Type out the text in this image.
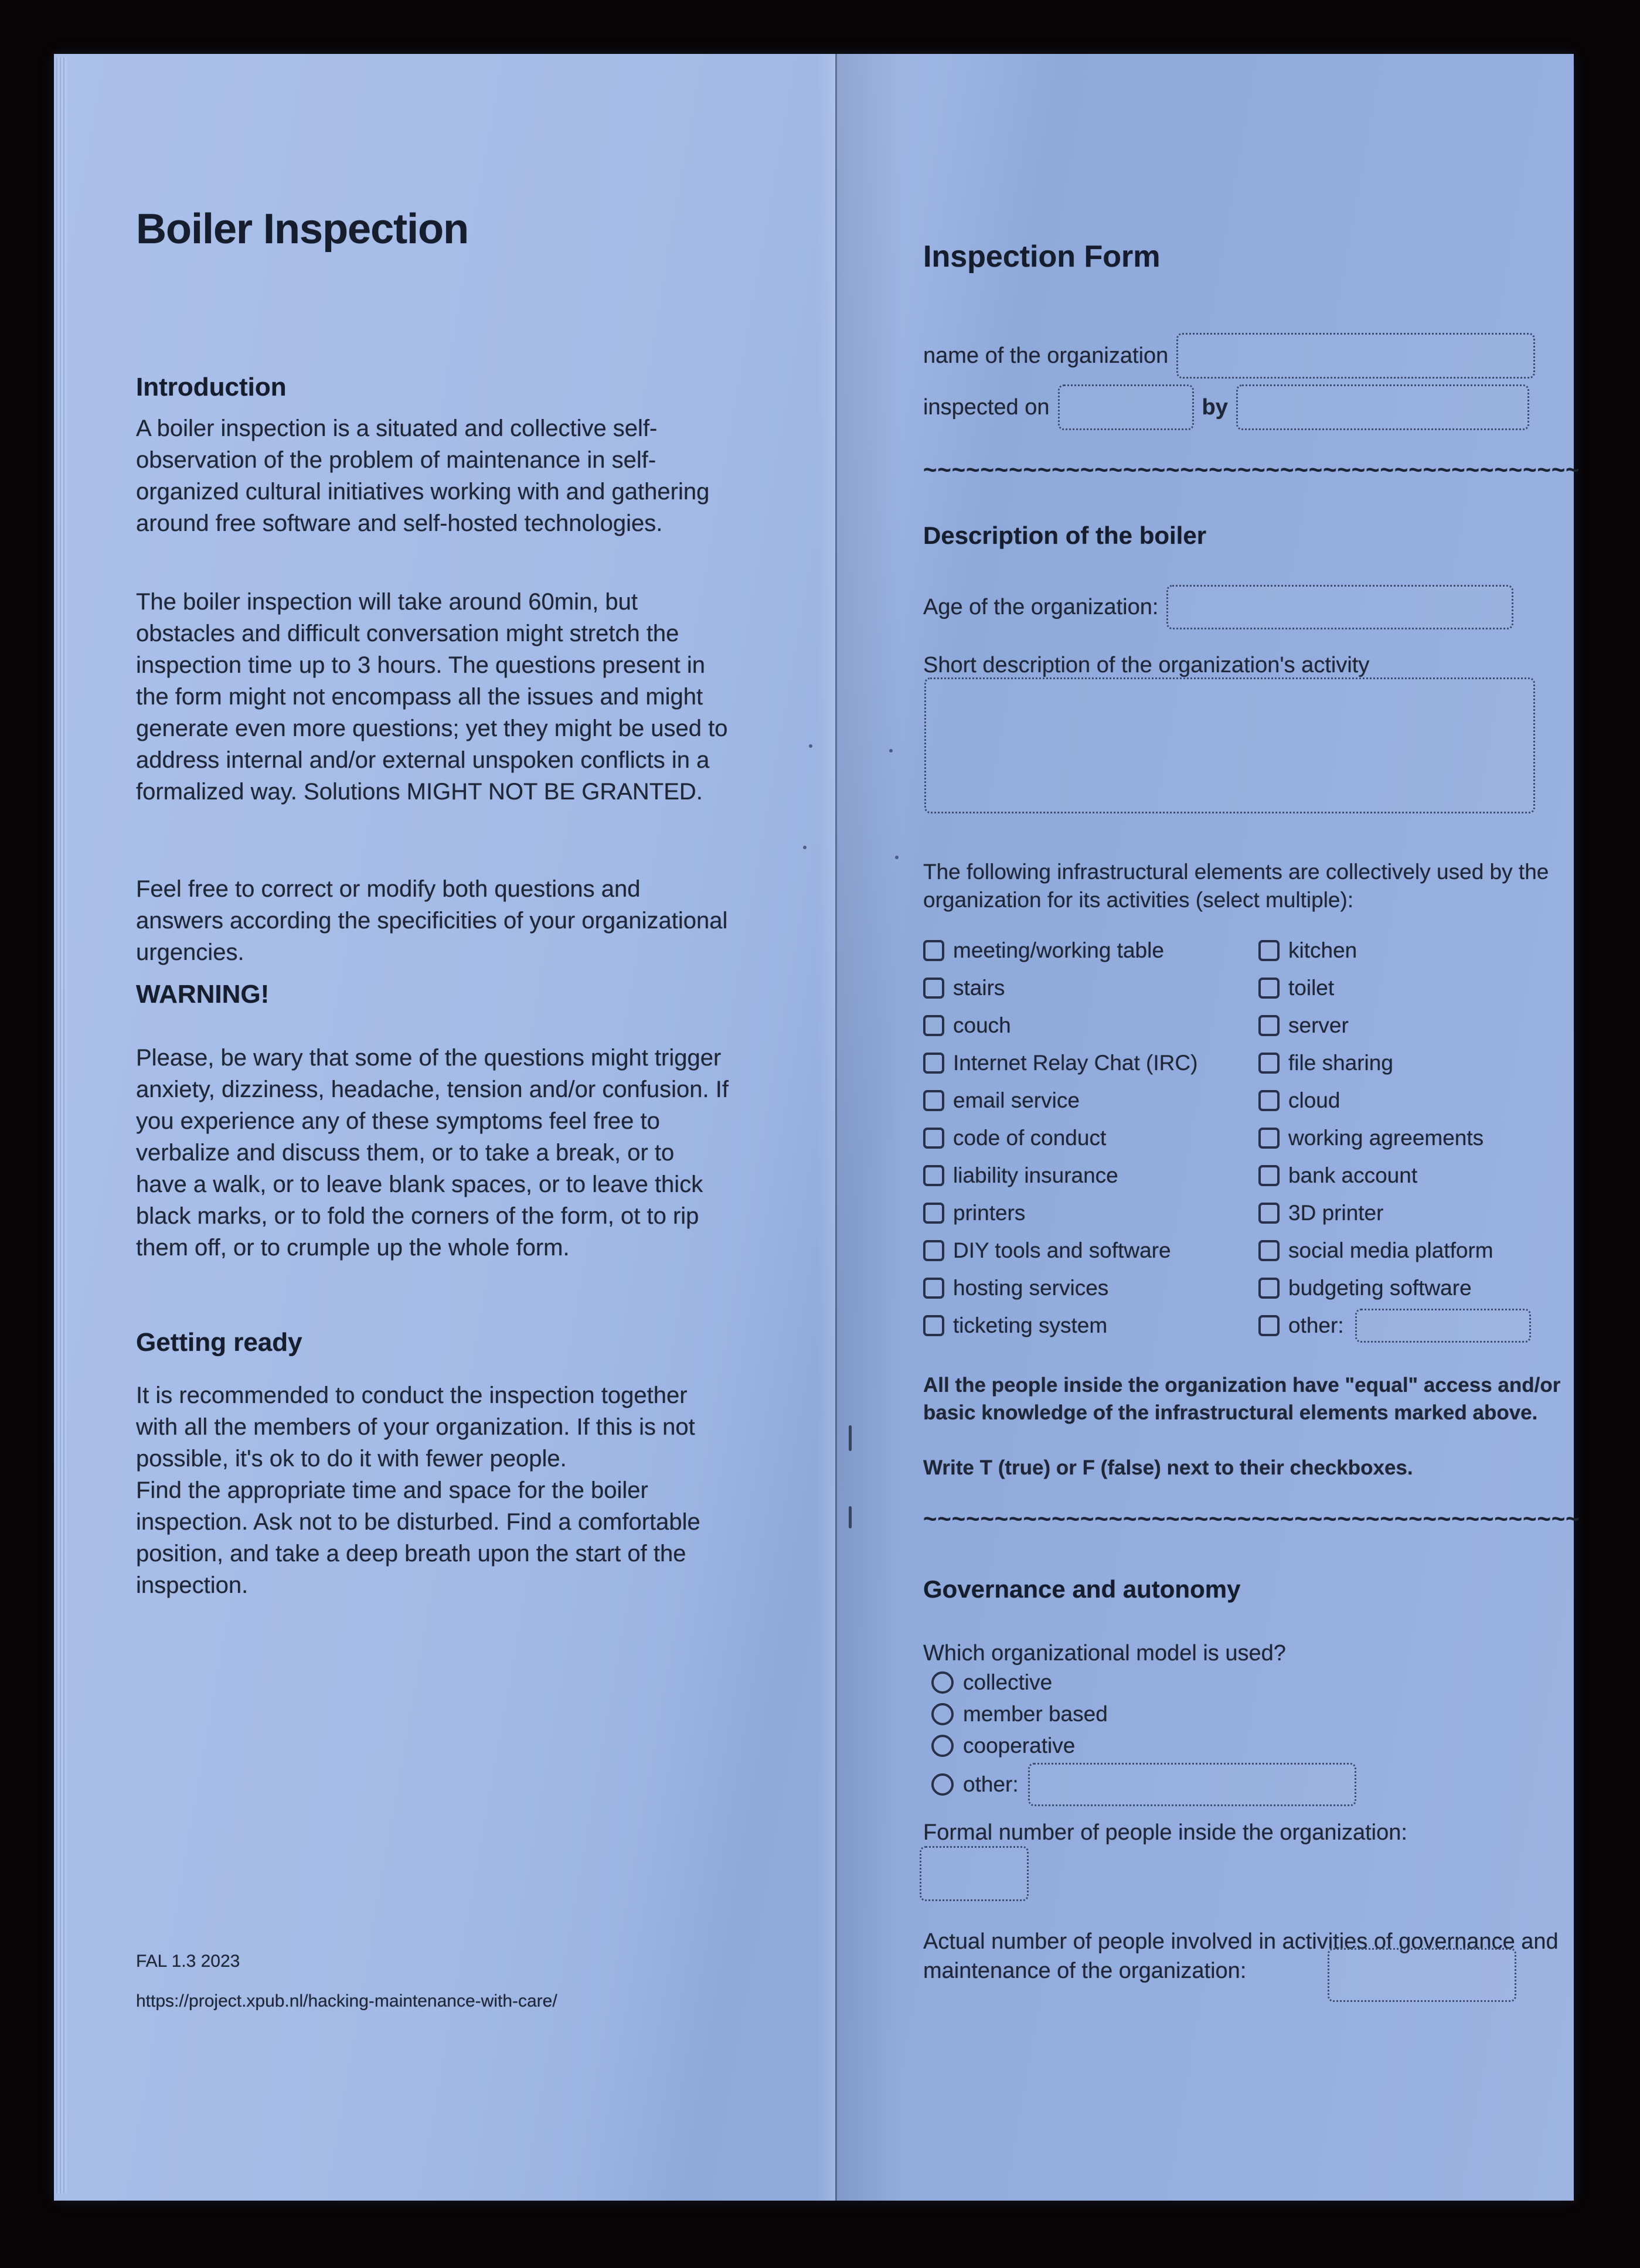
Boiler Inspection
Introduction

A boiler inspection is a situated and collective self-observation of the problem of maintenance in self-organized cultural initiatives working with and gathering around free software and self-hosted technologies.

The boiler inspection will take around 60min, but obstacles and difficult conversation might stretch the inspection time up to 3 hours. The questions present in the form might not encompass all the issues and might generate even more questions; yet they might be used to address internal and/or external unspoken conflicts in a formalized way. Solutions MIGHT NOT BE GRANTED.

Feel free to correct or modify both questions and answers according the specificities of your organizational urgencies.

WARNING!

Please, be wary that some of the questions might trigger anxiety, dizziness, headache, tension and/or confusion. If you experience any of these symptoms feel free to verbalize and discuss them, or to take a break, or to have a walk, or to leave blank spaces, or to leave thick black marks, or to fold the corners of the form, ot to rip them off, or to crumple up the whole form.

Getting ready

It is recommended to conduct the inspection together with all the members of your organization. If this is not possible, it's ok to do it with fewer people.

Find the appropriate time and space for the boiler inspection. Ask not to be disturbed. Find a comfortable position, and take a deep breath upon the start of the inspection.

FAL 1.3 2023
https://project.xpub.nl/hacking-maintenance-with-care/
Inspection Form
name of the organization
inspected on	by
~~~~~~~~~~~~~~~~~~~~~~~~~~~~~~~~~~~~~~~~~~~~~~
Description of the boiler
Age of the organization:
Short description of the organization's activity

The following infrastructural elements are collectively used by the organization for its activities (select multiple):

meeting/working table
stairs
couch
Internet Relay Chat (IRC)
email service
code of conduct
liability insurance
printers
DIY tools and software
hosting services
ticketing system
kitchen
toilet
server
file sharing
cloud
working agreements
bank account
3D printer
social media platform
budgeting software
other:

All the people inside the organization have "equal" access and/or basic knowledge of the infrastructural elements marked above.

Write T (true) or F (false) next to their checkboxes.

~~~~~~~~~~~~~~~~~~~~~~~~~~~~~~~~~~~~~~~~~~~~~~
Governance and autonomy

Which organizational model is used?

collective
member based
cooperative
other:

Formal number of people inside the organization:

Actual number of people involved in activities of governance and maintenance of the organization:
